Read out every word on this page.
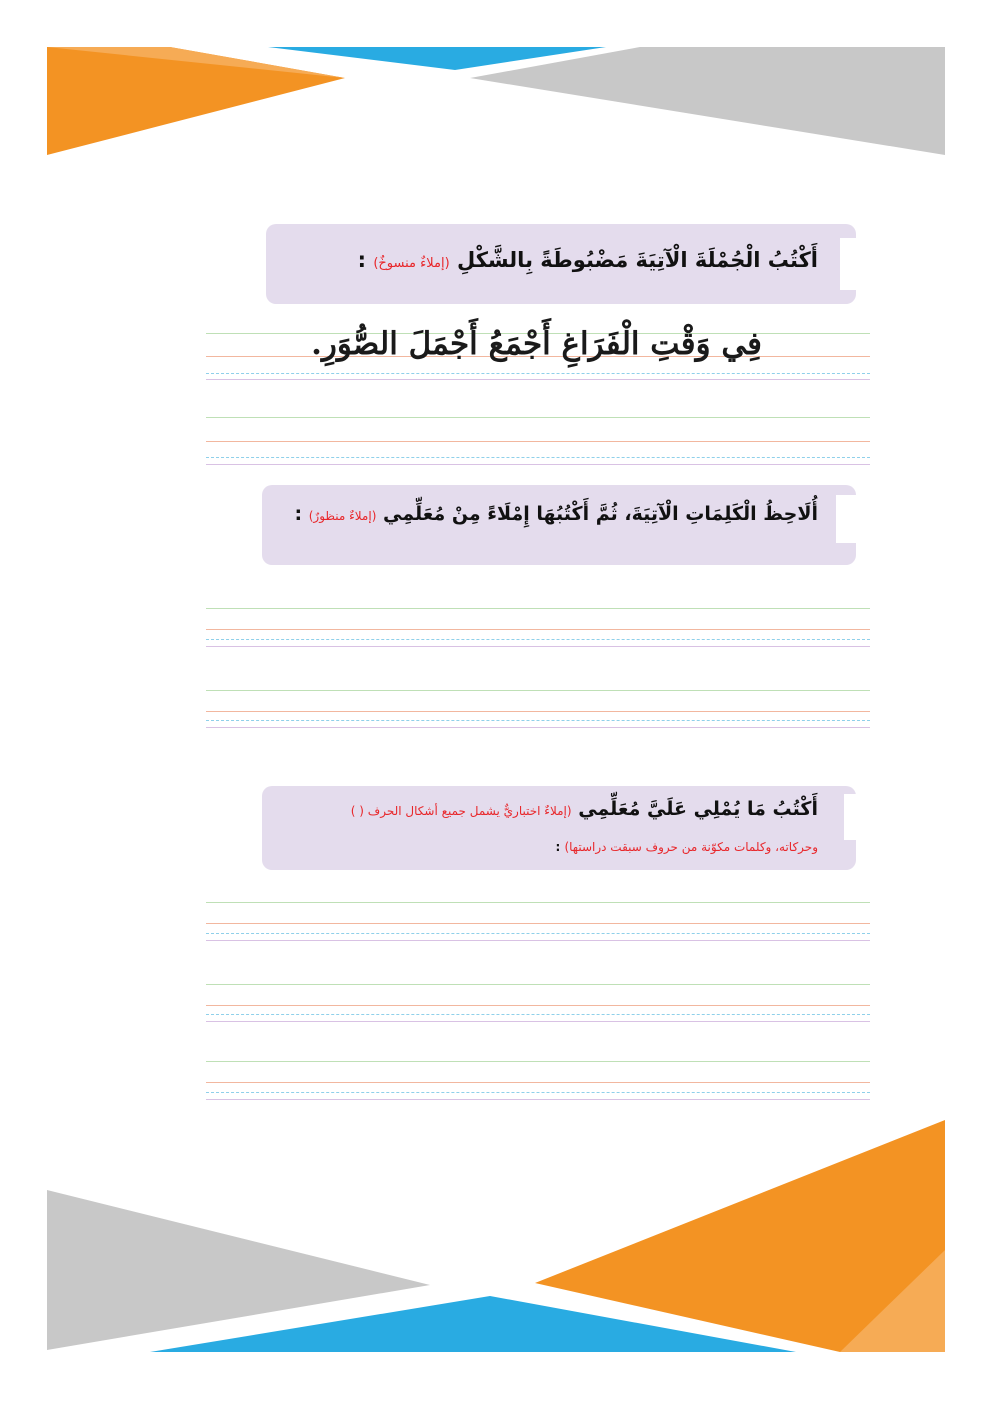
أَكْتُبُ الْجُمْلَةَ الْآتِيَةَ مَضْبُوطَةً بِالشَّكْلِ (إملاءٌ منسوخٌ) :
فِي وَقْتِ الْفَرَاغِ أَجْمَعُ أَجْمَلَ الصُّوَرِ.
أُلَاحِظُ الْكَلِمَاتِ الْآتِيَةَ، ثُمَّ أَكْتُبُهَا إِمْلَاءً مِنْ مُعَلِّمِي (إملاءٌ منظورٌ) :
أَكْتُبُ مَا يُمْلِي عَلَيَّ مُعَلِّمِي (إملاءٌ اختباريٌّ يشمل جميع أشكال الحرف ( )
وحركاته، وكلمات مكوّنة من حروف سبقت دراستها) :
